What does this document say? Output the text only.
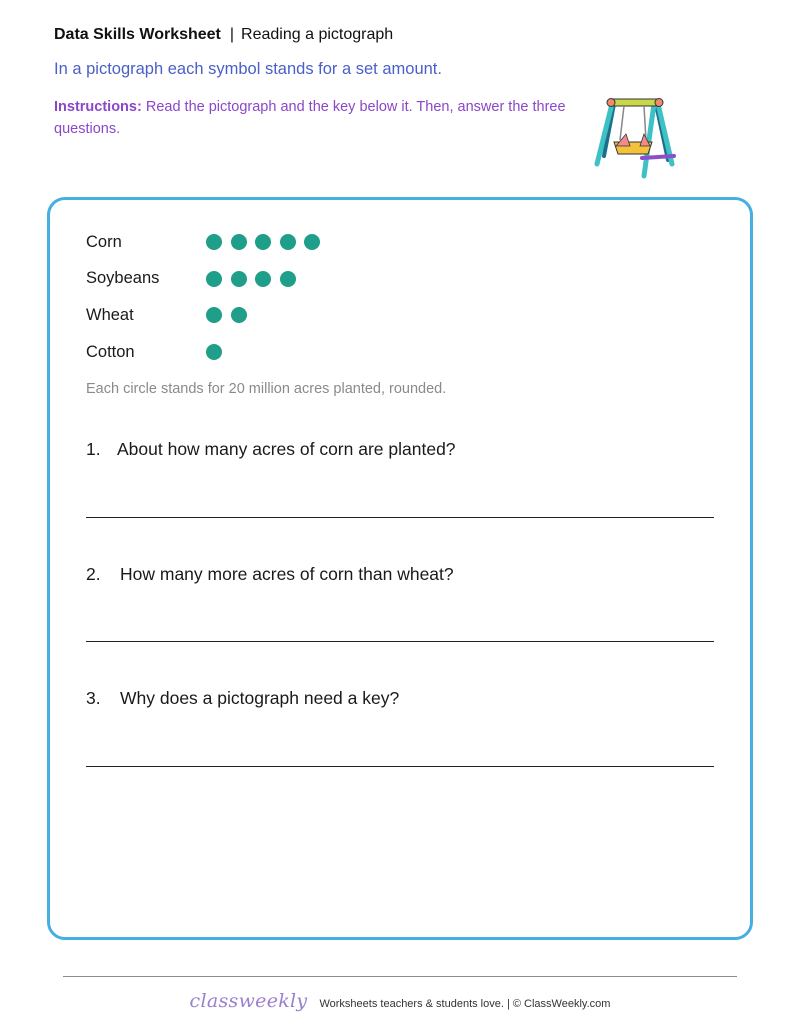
Data Skills Worksheet | Reading a pictograph
In a pictograph each symbol stands for a set amount.
Instructions: Read the pictograph and the key below it. Then, answer the three questions.
Corn
Soybeans
Wheat
Cotton
Each circle stands for 20 million acres planted, rounded.
1. About how many acres of corn are planted?
2. How many more acres of corn than wheat?
3. Why does a pictograph need a key?
classweekly Worksheets teachers & students love. | © ClassWeekly.com
